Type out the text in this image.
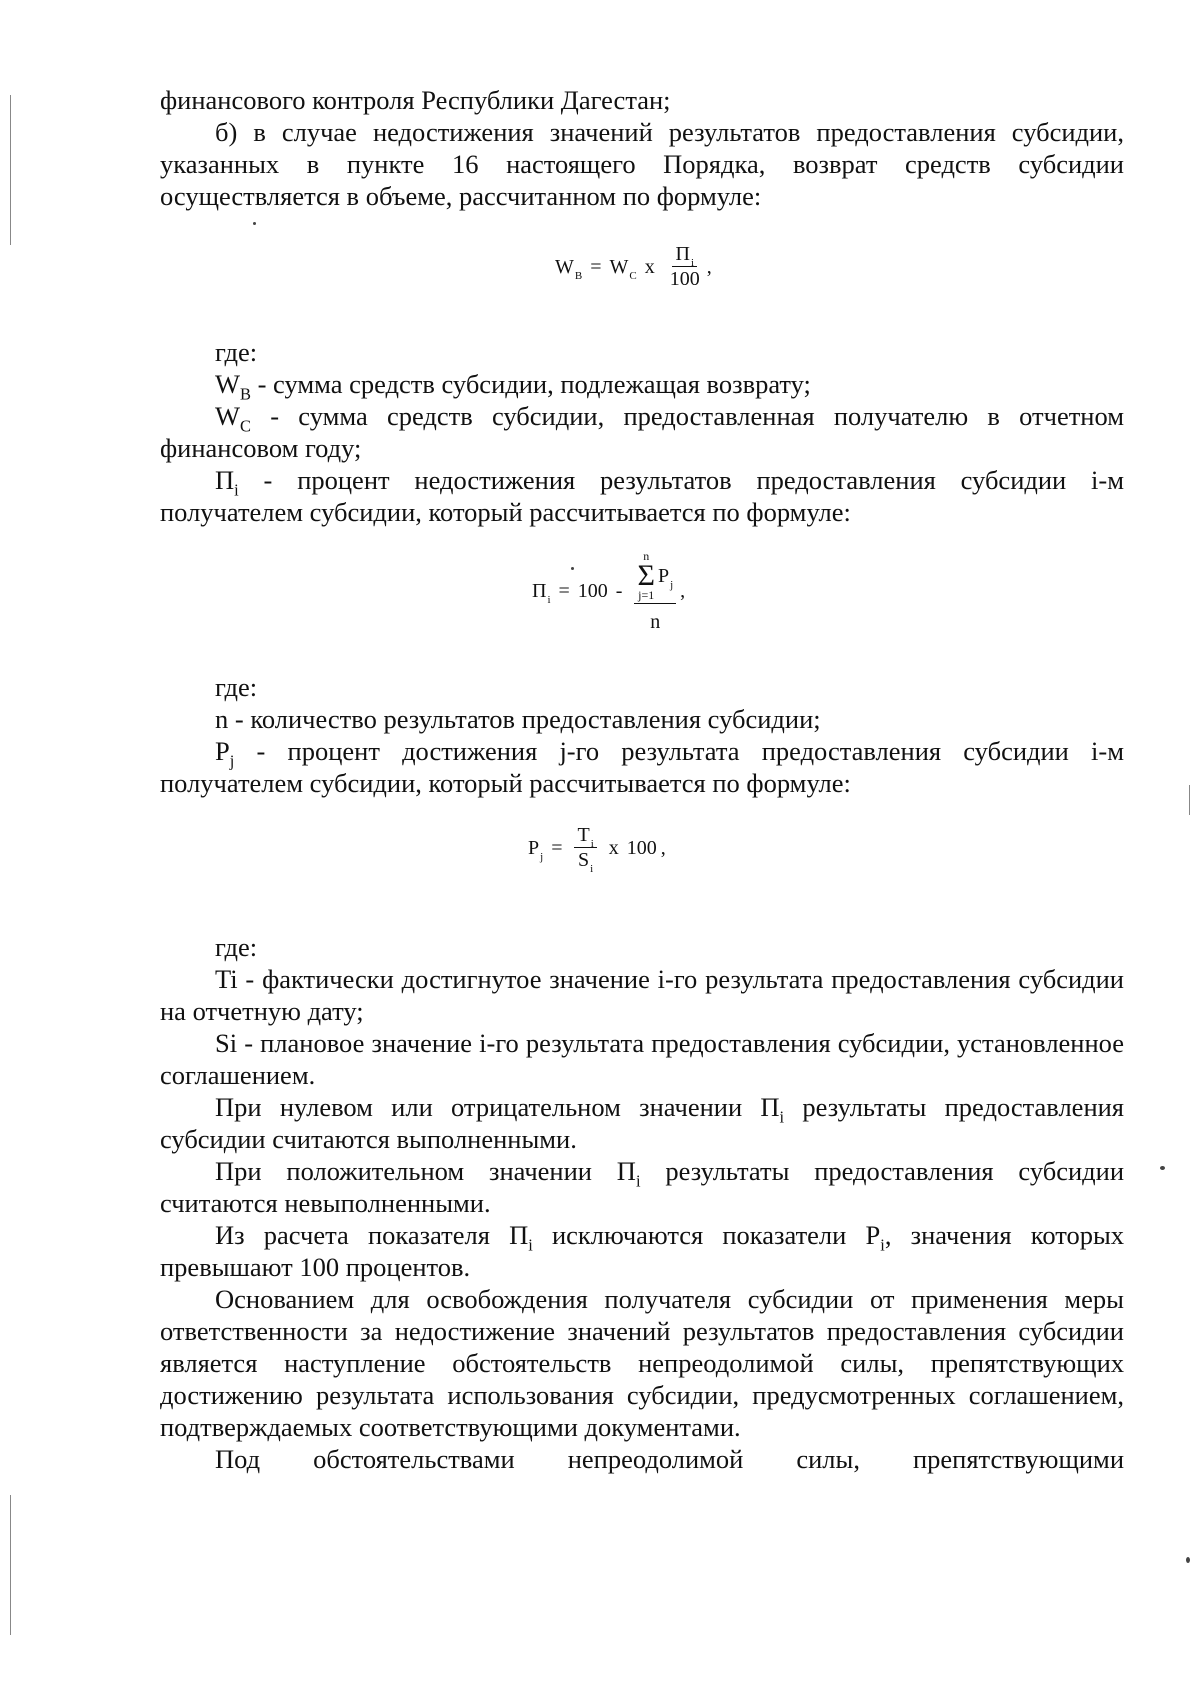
финансового контроля Республики Дагестан;

б) в случае недостижения значений результатов предоставления субсидии, указанных в пункте 16 настоящего Порядка, возврат средств субсидии осуществляется в объеме, рассчитанном по формуле:

$W_B = W_C$ x $\frac{П_i}{100}$ ,

где:

$W_B$ - сумма средств субсидии, подлежащая возврату;

$W_C$ - сумма средств субсидии, предоставленная получателю в отчетном финансовом году;

$П_i$ - процент недостижения результатов предоставления субсидии i-м получателем субсидии, который рассчитывается по формуле:

$П_i = 100$ -
n
Σ
j=1
$P_j$
n
,

где:

n - количество результатов предоставления субсидии;

$P_j$ - процент достижения j-го результата предоставления субсидии i-м получателем субсидии, который рассчитывается по формуле:

$P_j = \frac{T_i}{S_i}$ x 100 ,

где:

Ti - фактически достигнутое значение i-го результата предоставления субсидии на отчетную дату;

Si - плановое значение i-го результата предоставления субсидии, установленное соглашением.

При нулевом или отрицательном значении $П_i$ результаты предоставления субсидии считаются выполненными.

При положительном значении $П_i$ результаты предоставления субсидии считаются невыполненными.

Из расчета показателя $П_i$ исключаются показатели $P_i$, значения которых превышают 100 процентов.

Основанием для освобождения получателя субсидии от применения меры ответственности за недостижение значений результатов предоставления субсидии является наступление обстоятельств непреодолимой силы, препятствующих достижению результата использования субсидии, предусмотренных соглашением, подтверждаемых соответствующими документами.

Под обстоятельствами непреодолимой силы, препятствующими
